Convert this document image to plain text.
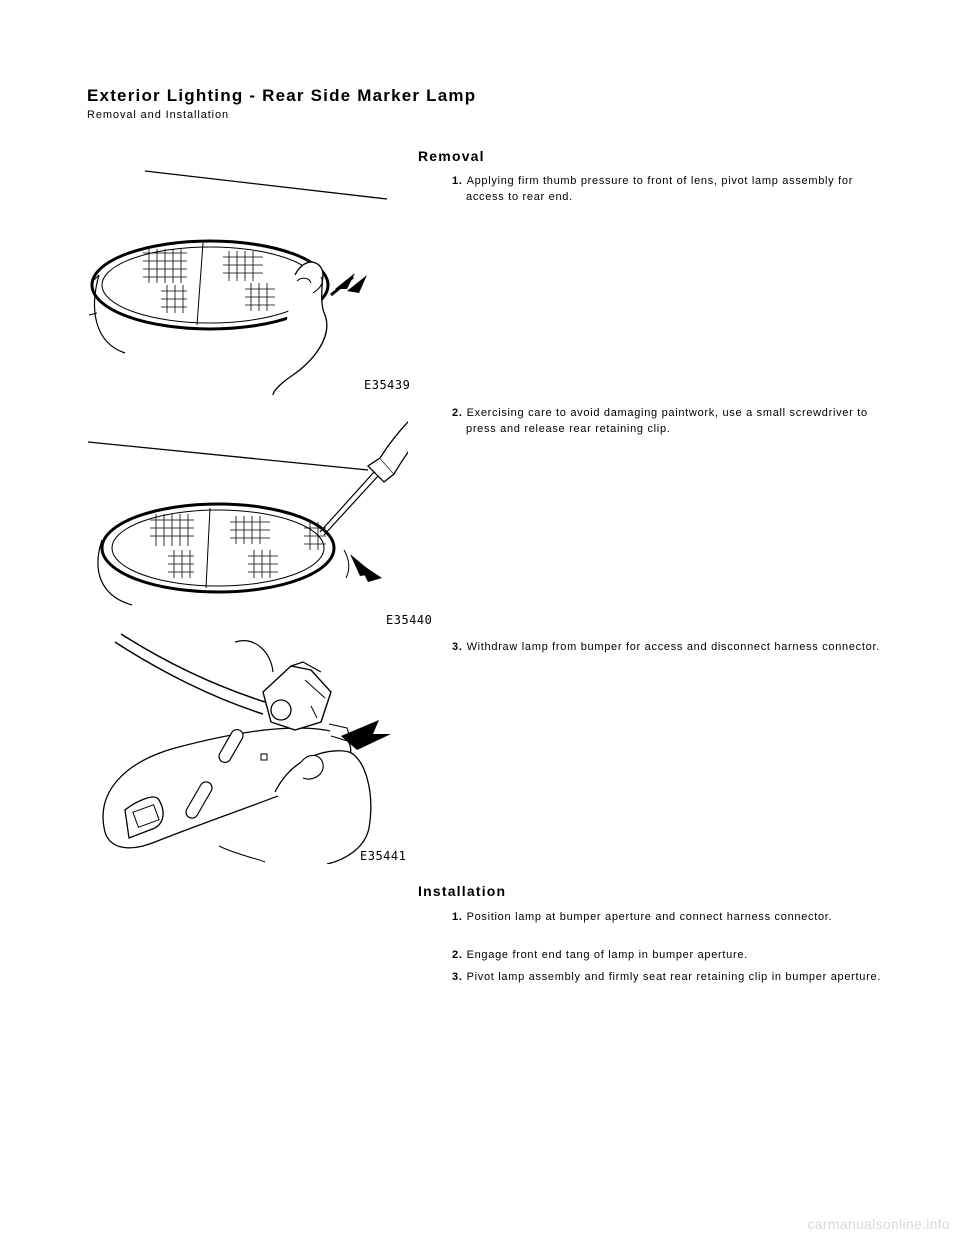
Exterior Lighting - Rear Side Marker Lamp
Removal and Installation
Removal
E35439
1. Applying firm thumb pressure to front of lens, pivot lamp assembly for access to rear end.
E35440
2. Exercising care to avoid damaging paintwork, use a small screwdriver to press and release rear retaining clip.
E35441
3. Withdraw lamp from bumper for access and disconnect harness connector.
Installation
1. Position lamp at bumper aperture and connect harness connector.
2. Engage front end tang of lamp in bumper aperture.
3. Pivot lamp assembly and firmly seat rear retaining clip in bumper aperture.
carmanualsonline.info
